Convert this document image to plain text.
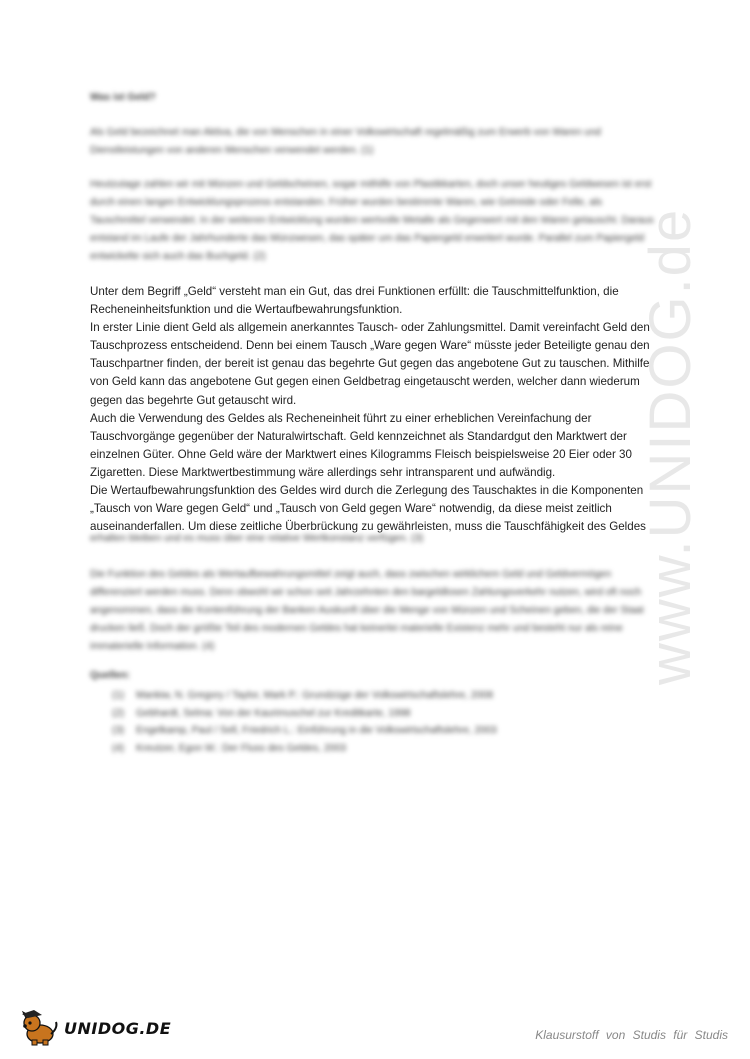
Was ist Geld?
Als Geld bezeichnet man Aktiva, die von Menschen in einer Volkswirtschaft regelmäßig zum Erwerb von Waren und Dienstleistungen von anderen Menschen verwendet werden. (1)
Heutzutage zahlen wir mit Münzen und Geldscheinen, sogar mithilfe von Plastikkarten, doch unser heutiges Geldwesen ist erst durch einen langen Entwicklungsprozess entstanden. Früher wurden bestimmte Waren, wie Getreide oder Felle, als Tauschmittel verwendet. In der weiteren Entwicklung wurden wertvolle Metalle als Gegenwert mit den Waren getauscht. Daraus entstand im Laufe der Jahrhunderte das Münzwesen, das später um das Papiergeld erweitert wurde. Parallel zum Papiergeld entwickelte sich auch das Buchgeld. (2)
Unter dem Begriff „Geld“ versteht man ein Gut, das drei Funktionen erfüllt: die Tauschmittelfunktion, die
Recheneinheitsfunktion und die Wertaufbewahrungsfunktion.
In erster Linie dient Geld als allgemein anerkanntes Tausch- oder Zahlungsmittel. Damit vereinfacht Geld den
Tauschprozess entscheidend. Denn bei einem Tausch „Ware gegen Ware“ müsste jeder Beteiligte genau den
Tauschpartner finden, der bereit ist genau das begehrte Gut gegen das angebotene Gut zu tauschen. Mithilfe
von Geld kann das angebotene Gut gegen einen Geldbetrag eingetauscht werden, welcher dann wiederum
gegen das begehrte Gut getauscht wird.
Auch die Verwendung des Geldes als Recheneinheit führt zu einer erheblichen Vereinfachung der
Tauschvorgänge gegenüber der Naturalwirtschaft. Geld kennzeichnet als Standardgut den Marktwert der
einzelnen Güter. Ohne Geld wäre der Marktwert eines Kilogramms Fleisch beispielsweise 20 Eier oder 30
Zigaretten. Diese Marktwertbestimmung wäre allerdings sehr intransparent und aufwändig.
Die Wertaufbewahrungsfunktion des Geldes wird durch die Zerlegung des Tauschaktes in die Komponenten
„Tausch von Ware gegen Geld“ und „Tausch von Geld gegen Ware“ notwendig, da diese meist zeitlich
auseinanderfallen. Um diese zeitliche Überbrückung zu gewährleisten, muss die Tauschfähigkeit des Geldes
erhalten bleiben und es muss über eine relative Wertkonstanz verfügen. (3)
Die Funktion des Geldes als Wertaufbewahrungsmittel zeigt auch, dass zwischen wirklichem Geld und Geldvermögen differenziert werden muss. Denn obwohl wir schon seit Jahrzehnten den bargeldlosen Zahlungsverkehr nutzen, wird oft noch angenommen, dass die Kontenführung der Banken Auskunft über die Menge von Münzen und Scheinen geben, die der Staat drucken ließ. Doch der größte Teil des modernen Geldes hat keinerlei materielle Existenz mehr und besteht nur als reine immaterielle Information. (4)
Quellen:
(1) Mankiw, N. Gregory / Taylor, Mark P.: Grundzüge der Volkswirtschaftslehre, 2008
(2) Gebhardt, Selma: Von der Kaurimuschel zur Kreditkarte, 1998
(3) Engelkamp, Paul / Sell, Friedrich L.: Einführung in die Volkswirtschaftslehre, 2003
(4) Kreutzer, Egon W.: Der Fluss des Geldes, 2003
www.UNIDOG.de
UNIDOG.DE	Klausurstoff von Studis für Studis
